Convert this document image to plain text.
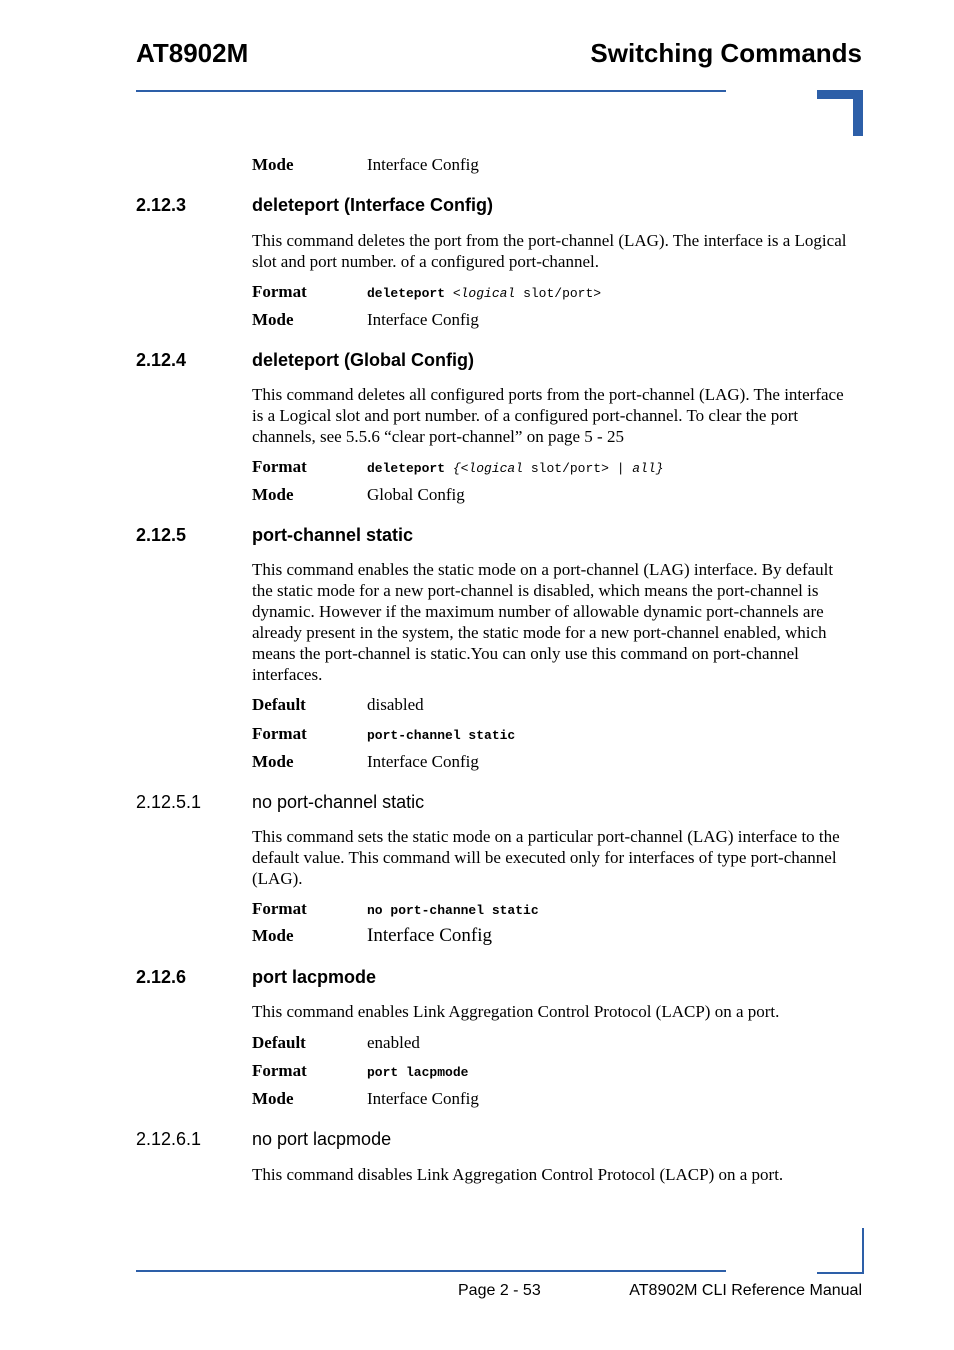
AT8902M	Switching Commands
Mode	Interface Config
2.12.3	deleteport (Interface Config)
This command deletes the port from the port-channel (LAG). The interface is a Logical
slot and port number. of a configured port-channel.
Format	deleteport <logical slot/port>
Mode	Interface Config
2.12.4	deleteport (Global Config)
This command deletes all configured ports from the port-channel (LAG). The interface
is a Logical slot and port number. of a configured port-channel. To clear the port
channels, see 5.5.6 “clear port-channel” on page 5 - 25
Format	deleteport {<logical slot/port> | all}
Mode	Global Config
2.12.5	port-channel static
This command enables the static mode on a port-channel (LAG) interface. By default
the static mode for a new port-channel is disabled, which means the port-channel is
dynamic. However if the maximum number of allowable dynamic port-channels are
already present in the system, the static mode for a new port-channel enabled, which
means the port-channel is static.You can only use this command on port-channel
interfaces.
Default	disabled
Format	port-channel static
Mode	Interface Config
2.12.5.1	no port-channel static
This command sets the static mode on a particular port-channel (LAG) interface to the
default value. This command will be executed only for interfaces of type port-channel
(LAG).
Format	no port-channel static
Mode	Interface Config
2.12.6	port lacpmode
This command enables Link Aggregation Control Protocol (LACP) on a port.
Default	enabled
Format	port lacpmode
Mode	Interface Config
2.12.6.1	no port lacpmode
This command disables Link Aggregation Control Protocol (LACP) on a port.
Page 2 - 53	AT8902M CLI Reference Manual
